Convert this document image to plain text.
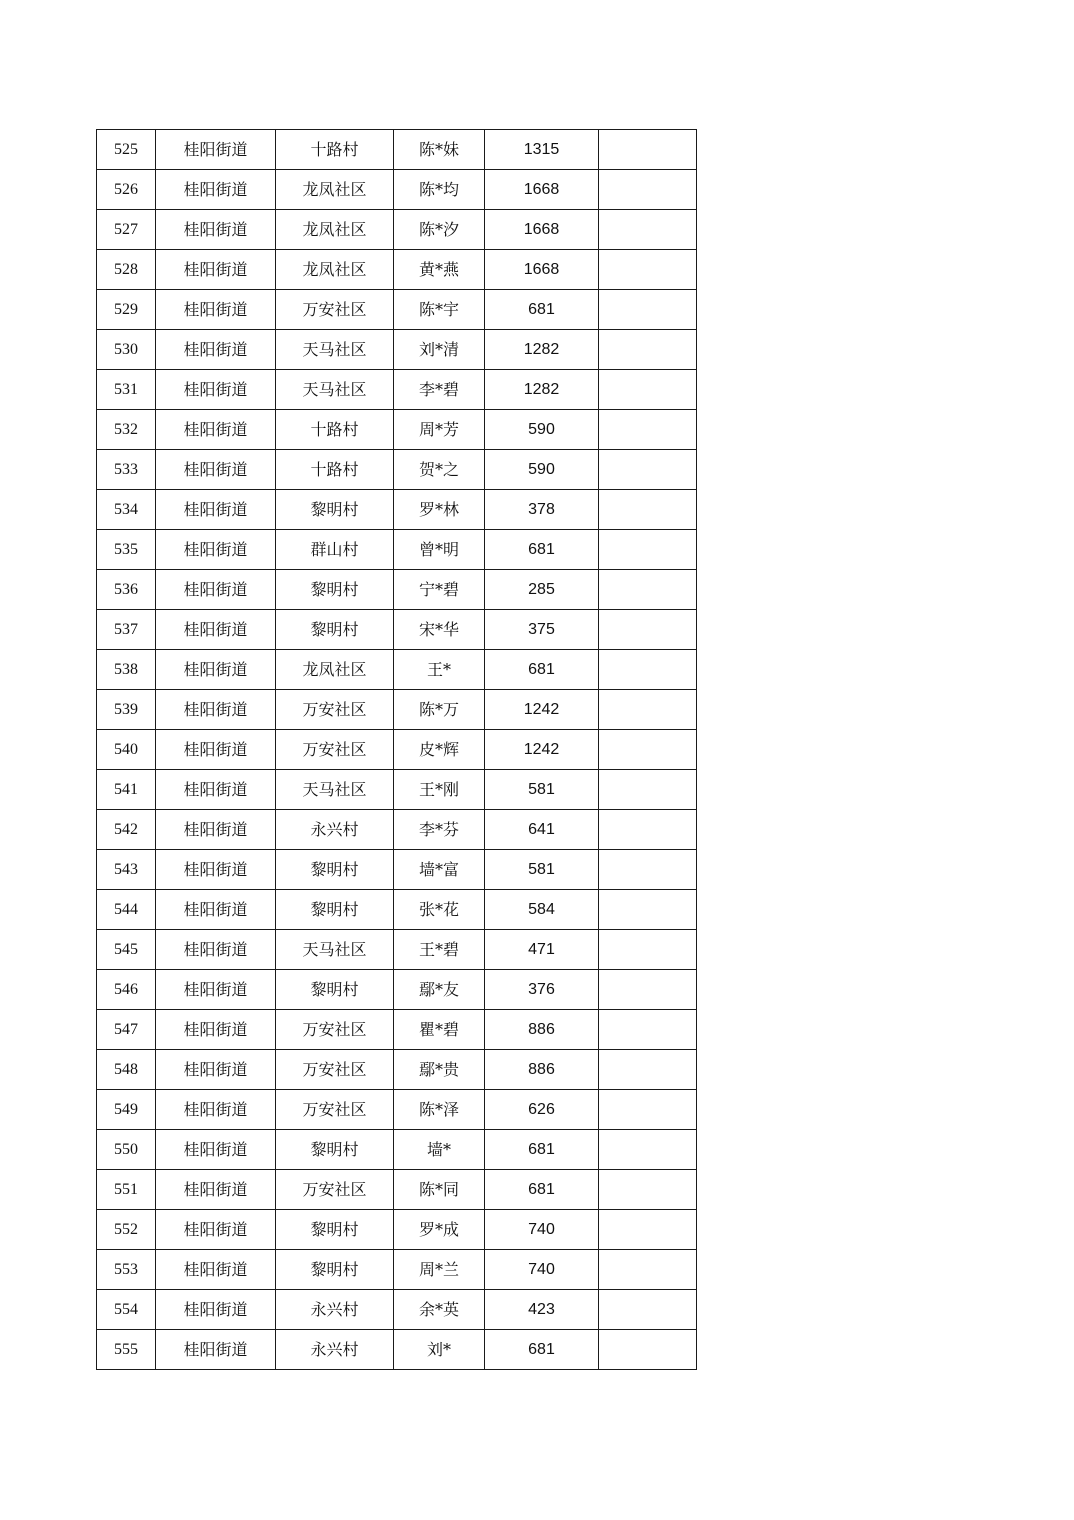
525	桂阳街道	十路村	陈*妹	1315	
526	桂阳街道	龙凤社区	陈*均	1668	
527	桂阳街道	龙凤社区	陈*汐	1668	
528	桂阳街道	龙凤社区	黄*燕	1668	
529	桂阳街道	万安社区	陈*宇	681	
530	桂阳街道	天马社区	刘*清	1282	
531	桂阳街道	天马社区	李*碧	1282	
532	桂阳街道	十路村	周*芳	590	
533	桂阳街道	十路村	贺*之	590	
534	桂阳街道	黎明村	罗*林	378	
535	桂阳街道	群山村	曾*明	681	
536	桂阳街道	黎明村	宁*碧	285	
537	桂阳街道	黎明村	宋*华	375	
538	桂阳街道	龙凤社区	王*	681	
539	桂阳街道	万安社区	陈*万	1242	
540	桂阳街道	万安社区	皮*辉	1242	
541	桂阳街道	天马社区	王*刚	581	
542	桂阳街道	永兴村	李*芬	641	
543	桂阳街道	黎明村	墙*富	581	
544	桂阳街道	黎明村	张*花	584	
545	桂阳街道	天马社区	王*碧	471	
546	桂阳街道	黎明村	鄢*友	376	
547	桂阳街道	万安社区	瞿*碧	886	
548	桂阳街道	万安社区	鄢*贵	886	
549	桂阳街道	万安社区	陈*泽	626	
550	桂阳街道	黎明村	墙*	681	
551	桂阳街道	万安社区	陈*同	681	
552	桂阳街道	黎明村	罗*成	740	
553	桂阳街道	黎明村	周*兰	740	
554	桂阳街道	永兴村	余*英	423	
555	桂阳街道	永兴村	刘*	681	
